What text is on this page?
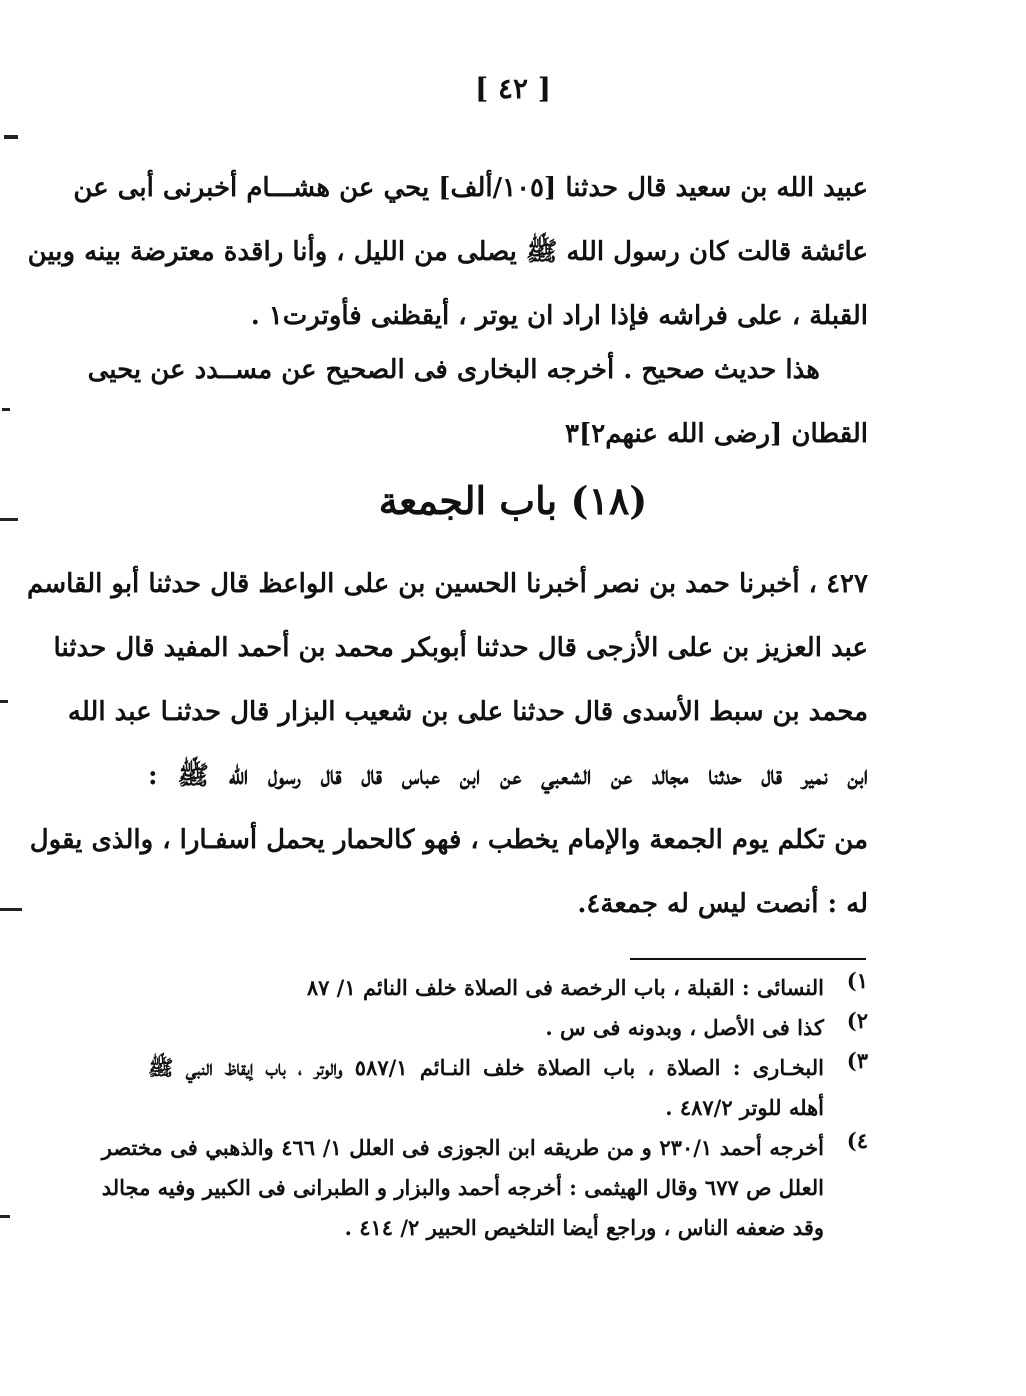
[ ٤٢ ]
عبيد الله بن سعيد قال حدثنا [١٠٥/ألف] يحي عن هشـــام أخبرنى أبى عن
عائشة قالت كان رسول الله ﷺ يصلى من الليل ، وأنا راقدة معترضة بينه وبين
القبلة ، على فراشه فإذا اراد ان يوتر ، أيقظنى فأوترت١ .
هذا حديث صحيح . أخرجه البخارى فى الصحيح عن مســدد عن يحيى
القطان [رضى الله عنهم٢]٣
(١٨) باب الجمعة
٤٢٧ ، أخبرنا حمد بن نصر أخبرنا الحسين بن على الواعظ قال حدثنا أبو القاسم
عبد العزيز بن على الأزجى قال حدثنا أبوبكر محمد بن أحمد المفيد قال حدثنا
محمد بن سبط الأسدى قال حدثنا على بن شعيب البزار قال حدثنـا عبد الله
ابن نمير قال حدثنا مجالد عن الشعبي عن ابن عباس قال قال رسول الله ﷺ :
من تكلم يوم الجمعة والإمام يخطب ، فهو كالحمار يحمل أسفـارا ، والذى يقول
له : أنصت ليس له جمعة٤.
١)
النسائى : القبلة ، باب الرخصة فى الصلاة خلف النائم ١/ ٨٧
٢)
كذا فى الأصل ، وبدونه فى س .
٣)
البخـارى : الصلاة ، باب الصلاة خلف النـائم ٥٨٧/١ والوتر ، باب إيقاظ النبي ﷺ
أهله للوتر ٤٨٧/٢ .
٤)
أخرجه أحمد ٢٣٠/١ و من طريقه ابن الجوزى فى العلل ١/ ٤٦٦ والذهبي فى مختصر
العلل ص ٦٧٧ وقال الهيثمى : أخرجه أحمد والبزار و الطبرانى فى الكبير وفيه مجالد
وقد ضعفه الناس ، وراجع أيضا التلخيص الحبير ٢/ ٤١٤ .
